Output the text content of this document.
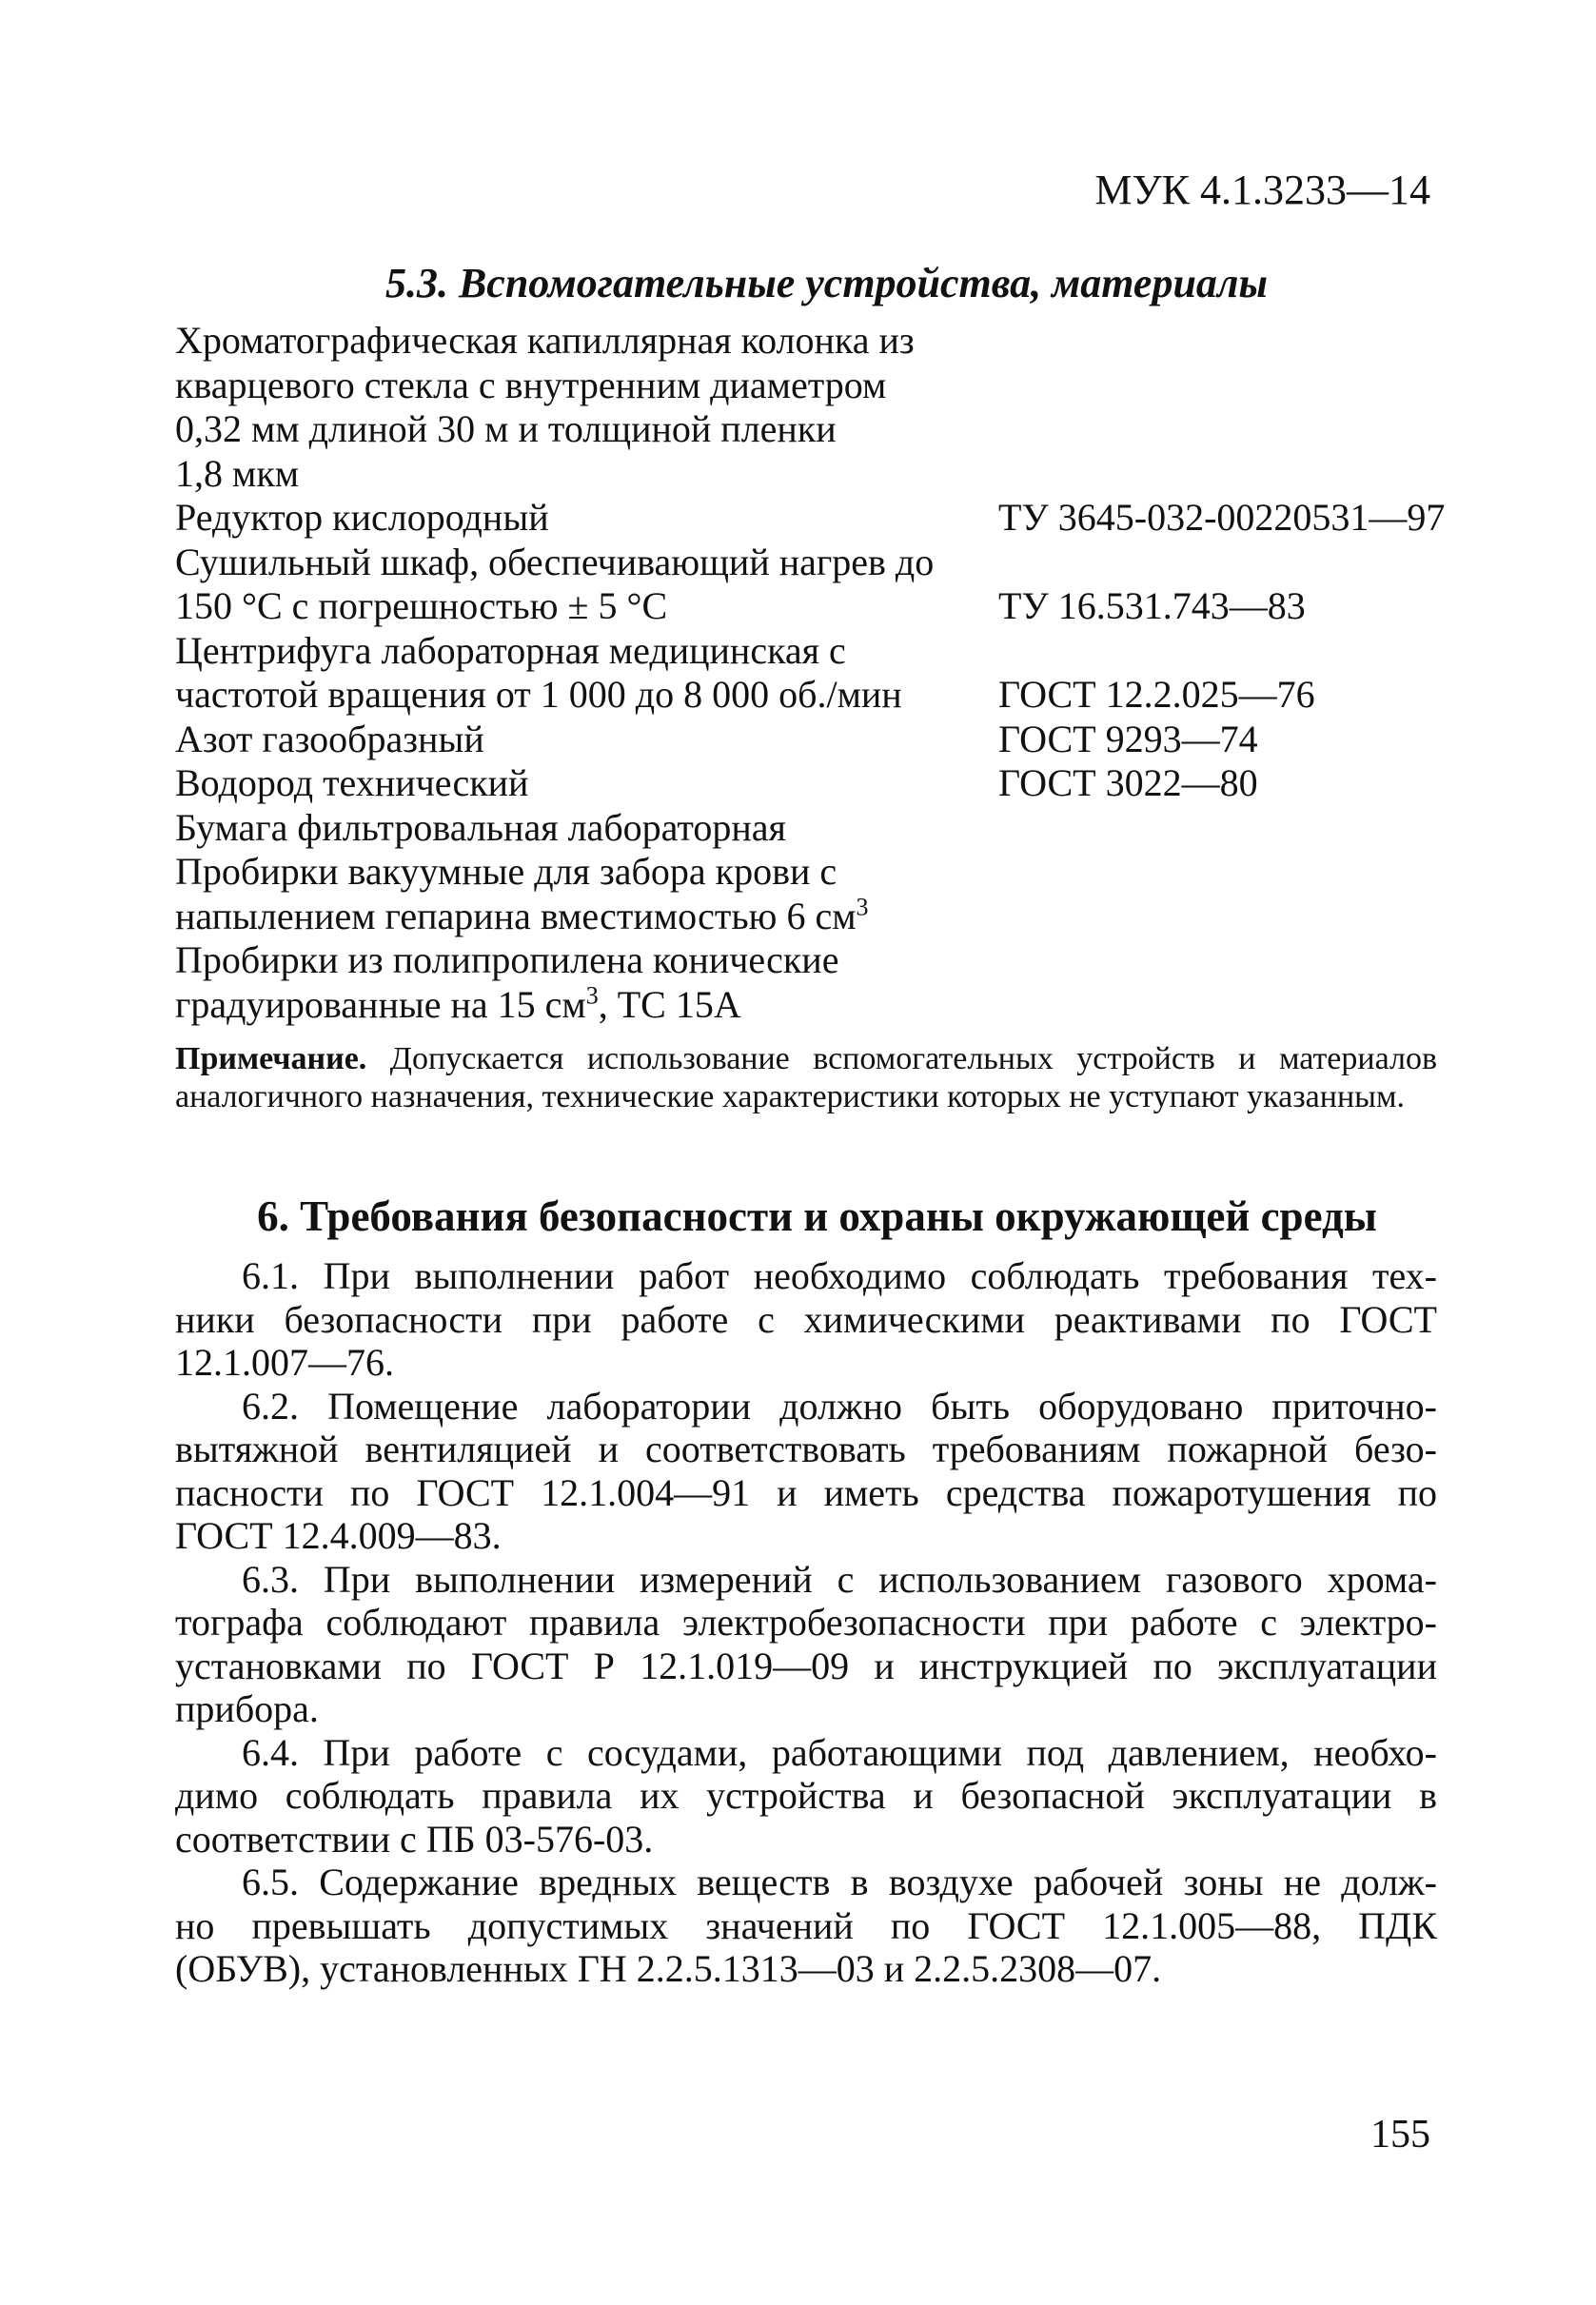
МУК 4.1.3233—14
5.3. Вспомогательные устройства, материалы
Хроматографическая капиллярная колонка из
кварцевого стекла с внутренним диаметром
0,32 мм длиной 30 м и толщиной пленки
1,8 мкм
Редуктор кислородный	ТУ 3645-032-00220531—97
Сушильный шкаф, обеспечивающий нагрев до
150 °С с погрешностью ± 5 °С	ТУ 16.531.743—83
Центрифуга лабораторная медицинская с
частотой вращения от 1 000 до 8 000 об./мин	ГОСТ 12.2.025—76
Азот газообразный	ГОСТ 9293—74
Водород технический	ГОСТ 3022—80
Бумага фильтровальная лабораторная
Пробирки вакуумные для забора крови с
напылением гепарина вместимостью 6 $см^3$
Пробирки из полипропилена конические
градуированные на 15 $см^3$, ТС 15А
Примечание. Допускается использование вспомогательных устройств и материалов аналогичного назначения, технические характеристики которых не уступают указанным.
6. Требования безопасности и охраны окружающей среды

6.1. При выполнении работ необходимо соблюдать требования тех-
ники безопасности при работе с химическими реактивами по ГОСТ
12.1.007—76.

6.2. Помещение лаборатории должно быть оборудовано приточно-
вытяжной вентиляцией и соответствовать требованиям пожарной безо-
пасности по ГОСТ 12.1.004—91 и иметь средства пожаротушения по
ГОСТ 12.4.009—83.

6.3. При выполнении измерений с использованием газового хрома-
тографа соблюдают правила электробезопасности при работе с электро-
установками по ГОСТ Р 12.1.019—09 и инструкцией по эксплуатации
прибора.

6.4. При работе с сосудами, работающими под давлением, необхо-
димо соблюдать правила их устройства и безопасной эксплуатации в
соответствии с ПБ 03-576-03.

6.5. Содержание вредных веществ в воздухе рабочей зоны не долж-
но превышать допустимых значений по ГОСТ 12.1.005—88, ПДК
(ОБУВ), установленных ГН 2.2.5.1313—03 и 2.2.5.2308—07.

155
